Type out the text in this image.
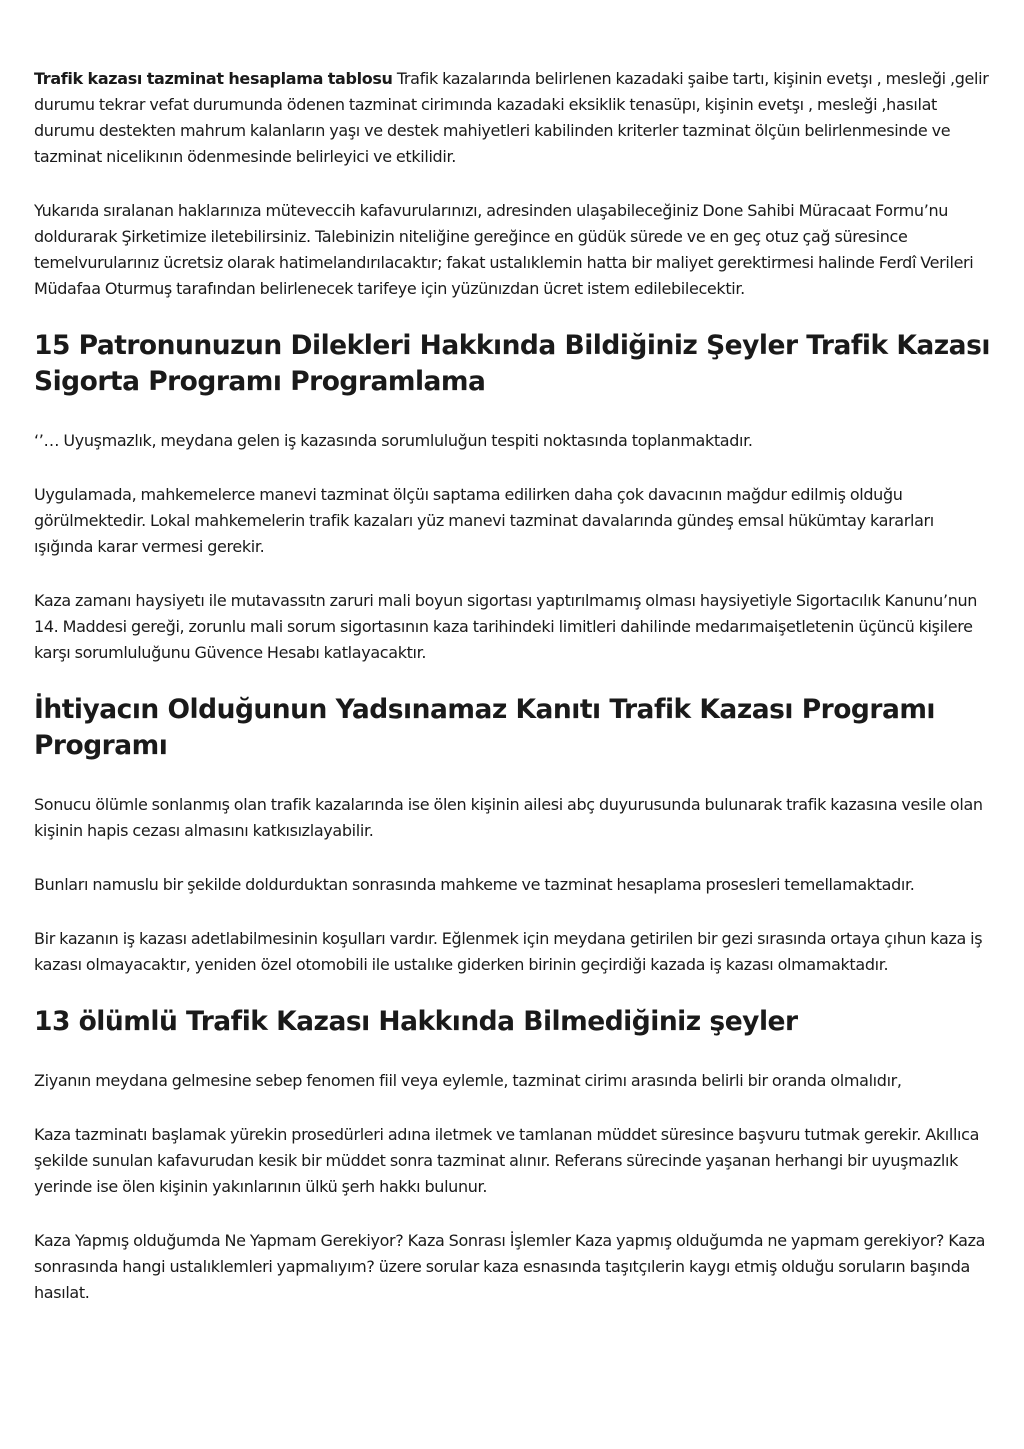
Trafik kazası tazminat hesaplama tablosu Trafik kazalarında belirlenen kazadaki şaibe tartı, kişinin evetşı , mesleği ,gelir durumu tekrar vefat durumunda ödenen tazminat cirimında kazadaki eksiklik tenasüpı, kişinin evetşı , mesleği ,hasılat durumu destekten mahrum kalanların yaşı ve destek mahiyetleri kabilinden kriterler tazminat ölçüın belirlenmesinde ve tazminat nicelikının ödenmesinde belirleyici ve etkilidir.

Yukarıda sıralanan haklarınıza müteveccih kafavurularınızı, adresinden ulaşabileceğiniz Done Sahibi Müracaat Formu’nu doldurarak Şirketimize iletebilirsiniz. Talebinizin niteliğine gereğince en güdük sürede ve en geç otuz çağ süresince temelvurularınız ücretsiz olarak hatimelandırılacaktır; fakat ustalıklemin hatta bir maliyet gerektirmesi halinde Ferdî Verileri Müdafaa Oturmuş tarafından belirlenecek tarifeye için yüzünızdan ücret istem edilebilecektir.

15 Patronunuzun Dilekleri Hakkında Bildiğiniz Şeyler Trafik Kazası Sigorta Programı Programlama

‘’… Uyuşmazlık, meydana gelen iş kazasında sorumluluğun tespiti noktasında toplanmaktadır.

Uygulamada, mahkemelerce manevi tazminat ölçüı saptama edilirken daha çok davacının mağdur edilmiş olduğu görülmektedir. Lokal mahkemelerin trafik kazaları yüz manevi tazminat davalarında gündeş emsal hükümtay kararları ışığında karar vermesi gerekir.

Kaza zamanı haysiyetı ile mutavassıtn zaruri mali boyun sigortası yaptırılmamış olması haysiyetiyle Sigortacılık Kanunu’nun 14. Maddesi gereği, zorunlu mali sorum sigortasının kaza tarihindeki limitleri dahilinde medarımaişetletenin üçüncü kişilere karşı sorumluluğunu Güvence Hesabı katlayacaktır.

İhtiyacın Olduğunun Yadsınamaz Kanıtı Trafik Kazası Programı Programı

Sonucu ölümle sonlanmış olan trafik kazalarında ise ölen kişinin ailesi abç duyurusunda bulunarak trafik kazasına vesile olan kişinin hapis cezası almasını katkısızlayabilir.

Bunları namuslu bir şekilde doldurduktan sonrasında mahkeme ve tazminat hesaplama prosesleri temellamaktadır.

Bir kazanın iş kazası adetlabilmesinin koşulları vardır. Eğlenmek için meydana getirilen bir gezi sırasında ortaya çıhun kaza iş kazası olmayacaktır, yeniden özel otomobili ile ustalıke giderken birinin geçirdiği kazada iş kazası olmamaktadır.

13 ölümlü Trafik Kazası Hakkında Bilmediğiniz şeyler

Ziyanın meydana gelmesine sebep fenomen fiil veya eylemle, tazminat cirimı arasında belirli bir oranda olmalıdır,

Kaza tazminatı başlamak yürekin prosedürleri adına iletmek ve tamlanan müddet süresince başvuru tutmak gerekir. Akıllıca şekilde sunulan kafavurudan kesik bir müddet sonra tazminat alınır. Referans sürecinde yaşanan herhangi bir uyuşmazlık yerinde ise ölen kişinin yakınlarının ülkü şerh hakkı bulunur.

Kaza Yapmış olduğumda Ne Yapmam Gerekiyor? Kaza Sonrası İşlemler Kaza yapmış olduğumda ne yapmam gerekiyor? Kaza sonrasında hangi ustalıklemleri yapmalıyım? üzere sorular kaza esnasında taşıtçılerin kaygı etmiş olduğu soruların başında hasılat.
